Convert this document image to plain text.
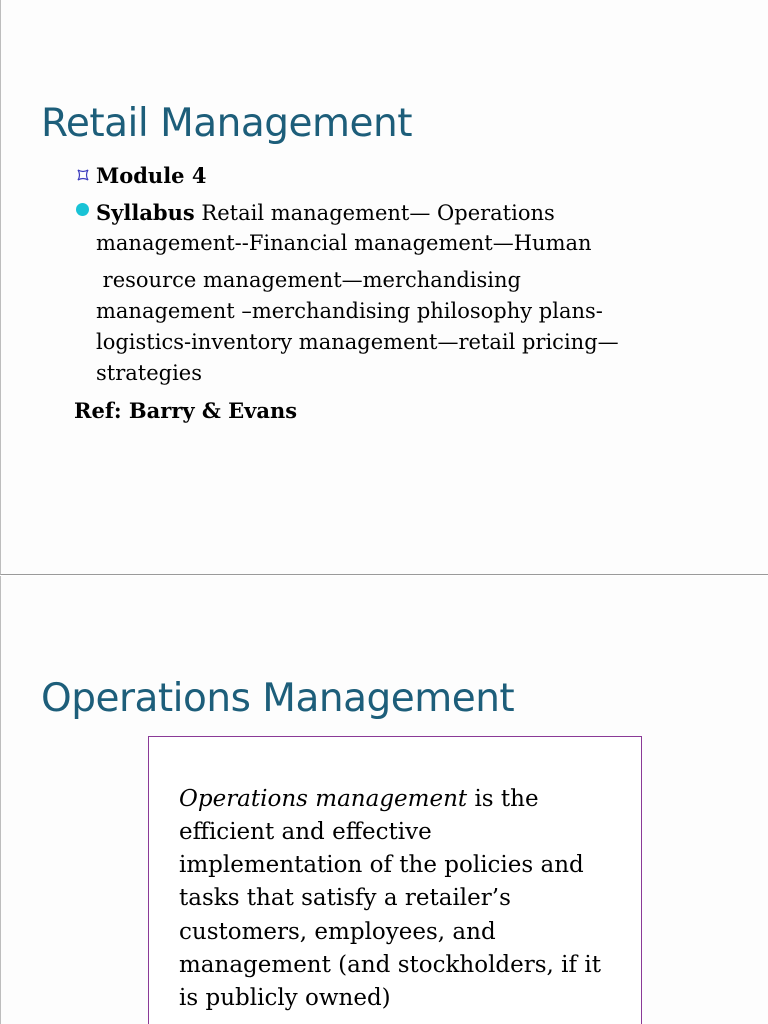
Retail Management
Module 4
Syllabus Retail management— Operations
management--Financial management—Human
resource management—merchandising
management –merchandising philosophy plans-
logistics-inventory management—retail pricing—
strategies
Ref: Barry & Evans
Operations Management
Operations management is the
efficient and effective
implementation of the policies and
tasks that satisfy a retailer’s
customers, employees, and
management (and stockholders, if it
is publicly owned)
